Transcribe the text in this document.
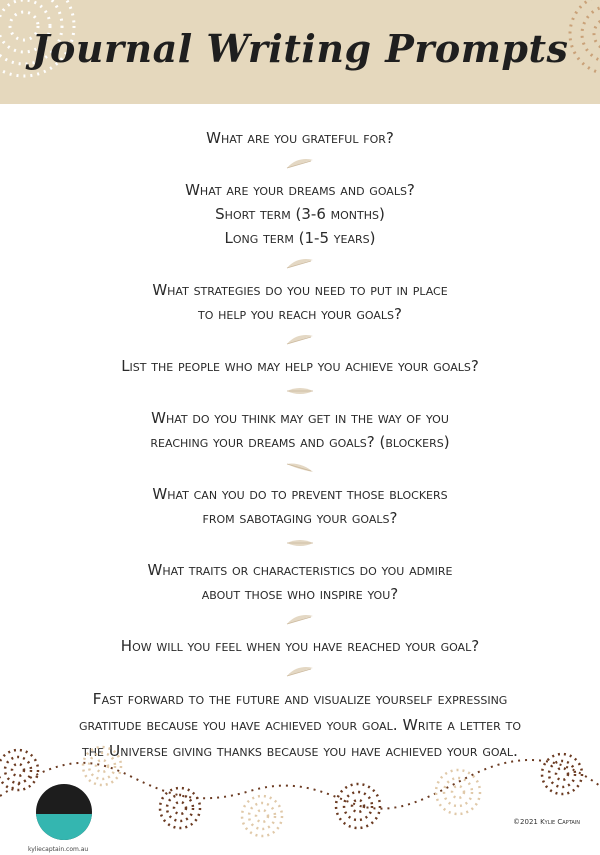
Journal Writing Prompts

What are you grateful for?

What are your dreams and goals?

Short term (3-6 months)

Long term (1-5 years)

What strategies do you need to put in place

to help you reach your goals?

List the people who may help you achieve your goals?

What do you think may get in the way of you

reaching your dreams and goals? (blockers)

What can you do to prevent those blockers

from sabotaging your goals?

What traits or characteristics do you admire

about those who inspire you?

How will you feel when you have reached your goal?

Fast forward to the future and visualize yourself expressing

gratitude because you have achieved your goal. Write a letter to

the Universe giving thanks because you have achieved your goal.

kyliecaptain.com.au
©2021 Kylie Captain
